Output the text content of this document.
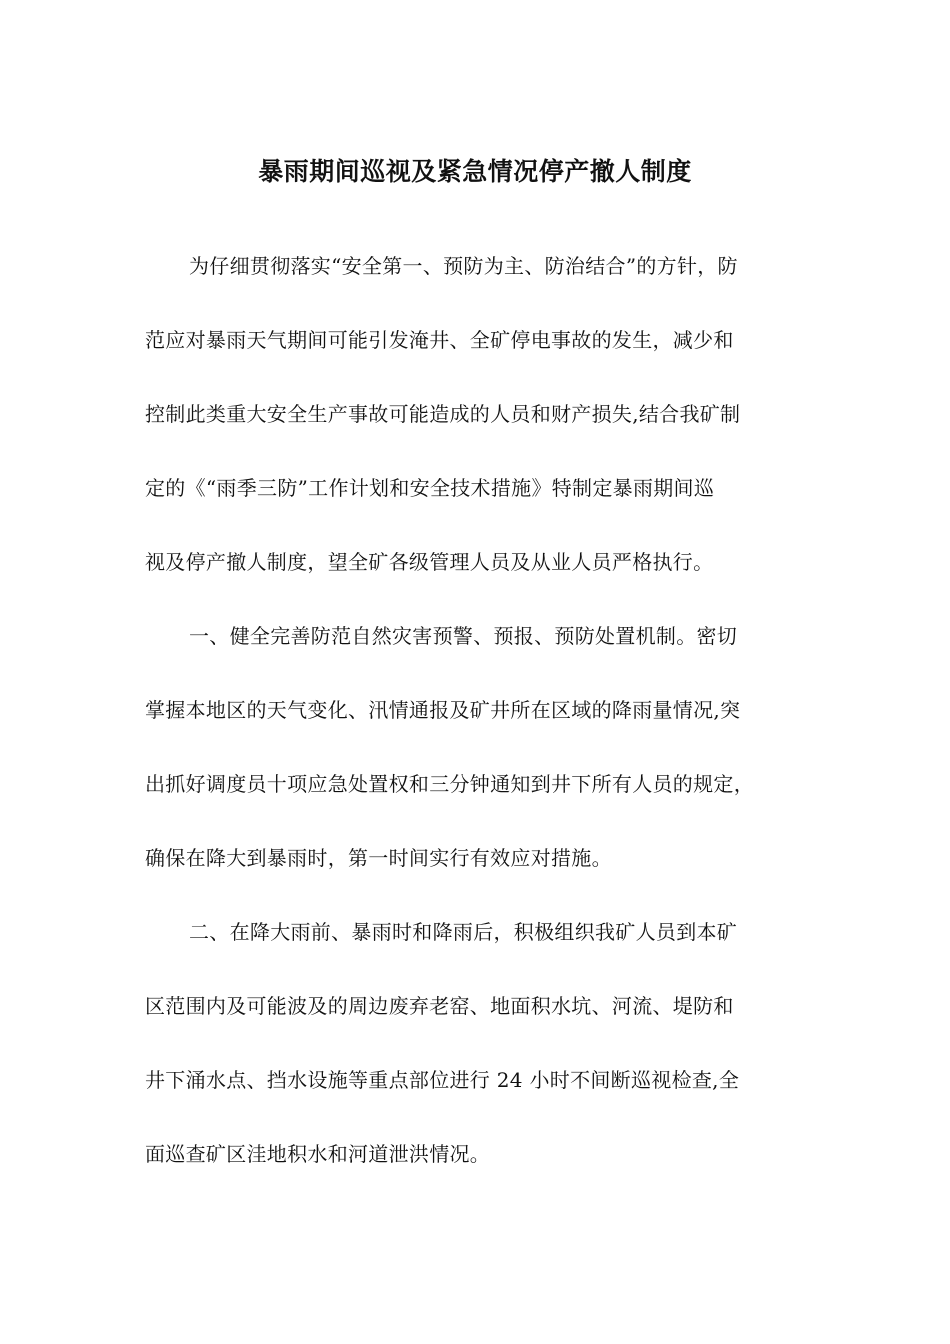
暴雨期间巡视及紧急情况停产撤人制度
为仔细贯彻落实“安全第一、预防为主、防治结合”的方针，防
范应对暴雨天气期间可能引发淹井、全矿停电事故的发生，减少和
控制此类重大安全生产事故可能造成的人员和财产损失,结合我矿制
定的《“雨季三防”工作计划和安全技术措施》特制定暴雨期间巡
视及停产撤人制度，望全矿各级管理人员及从业人员严格执行。
一、健全完善防范自然灾害预警、预报、预防处置机制。密切
掌握本地区的天气变化、汛情通报及矿井所在区域的降雨量情况,突
出抓好调度员十项应急处置权和三分钟通知到井下所有人员的规定，
确保在降大到暴雨时，第一时间实行有效应对措施。
二、在降大雨前、暴雨时和降雨后，积极组织我矿人员到本矿
区范围内及可能波及的周边废弃老窑、地面积水坑、河流、堤防和
井下涌水点、挡水设施等重点部位进行 24 小时不间断巡视检查,全
面巡查矿区洼地积水和河道泄洪情况。
